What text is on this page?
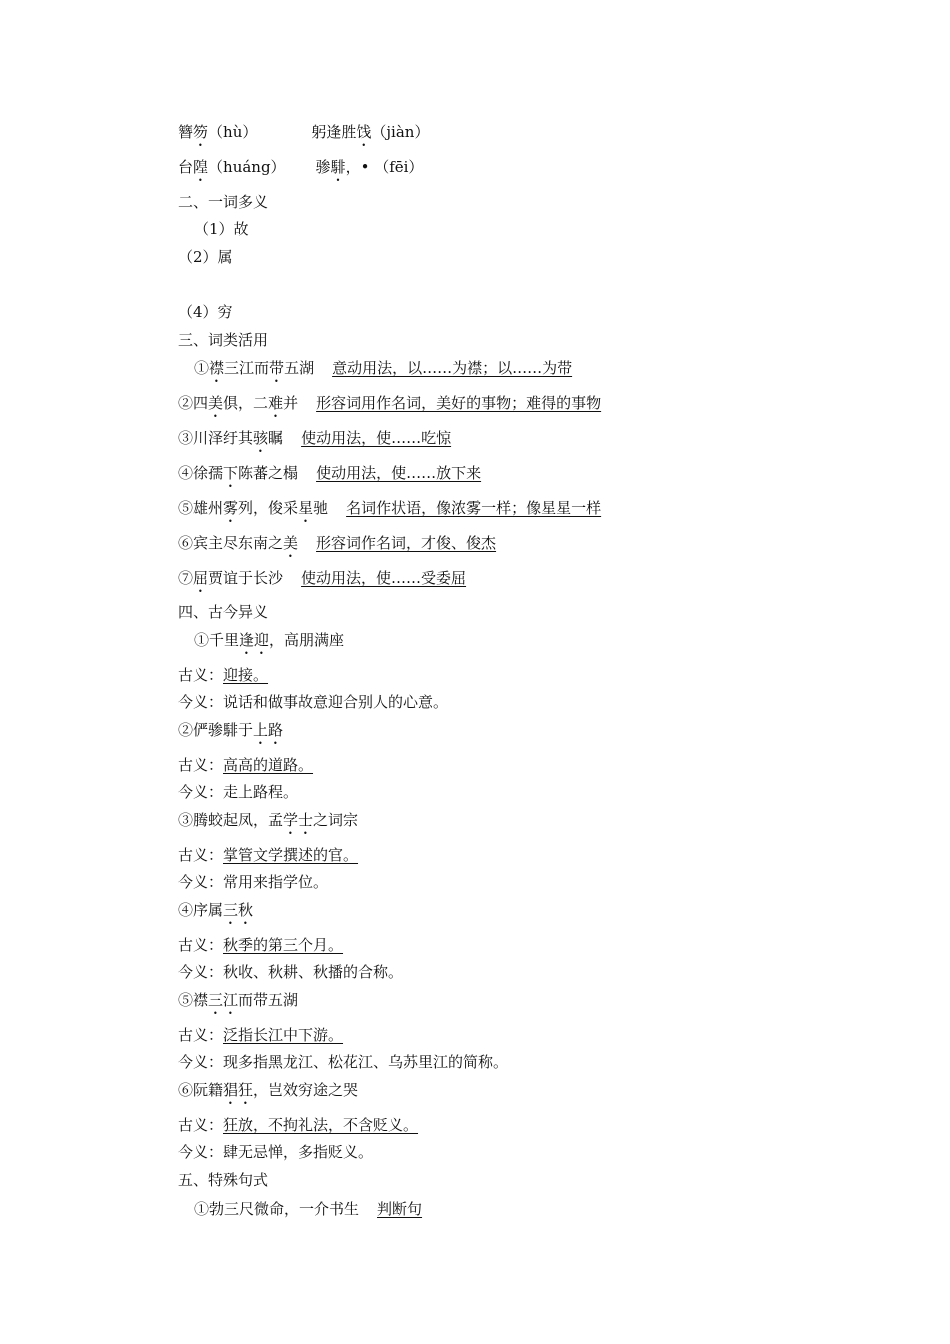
簪笏（hù）	躬逢胜饯（jiàn）
台隍（huáng） 骖騑，• （fēi）
二、一词多义
（1）故
（2）属
（4）穷
三、词类活用
①襟三江而带五湖 意动用法，以……为襟；以……为带
②四美俱，二难并 形容词用作名词，美好的事物；难得的事物
③川泽纡其骇瞩 使动用法，使……吃惊
④徐孺下陈蕃之榻 使动用法，使……放下来
⑤雄州雾列，俊采星驰 名词作状语，像浓雾一样；像星星一样
⑥宾主尽东南之美 形容词作名词，才俊、俊杰
⑦屈贾谊于长沙 使动用法，使……受委屈
四、古今异义
①千里逢迎，高朋满座
古义：迎接。
今义：说话和做事故意迎合别人的心意。
②俨骖騑于上路
古义：高高的道路。
今义：走上路程。
③腾蛟起凤，孟学士之词宗
古义：掌管文学撰述的官。
今义：常用来指学位。
④序属三秋
古义：秋季的第三个月。
今义：秋收、秋耕、秋播的合称。
⑤襟三江而带五湖
古义：泛指长江中下游。
今义：现多指黑龙江、松花江、乌苏里江的简称。
⑥阮籍猖狂，岂效穷途之哭
古义：狂放，不拘礼法，不含贬义。
今义：肆无忌惮，多指贬义。
五、特殊句式
①勃三尺微命，一介书生 判断句
